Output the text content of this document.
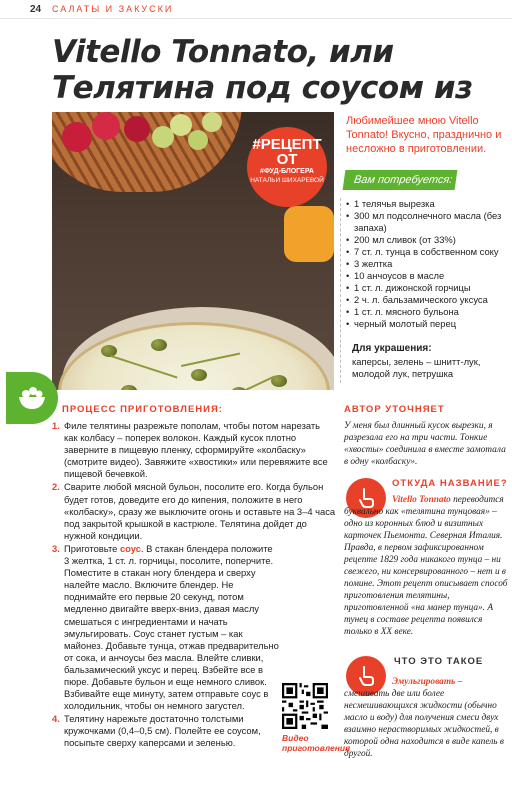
24 САЛАТЫ И ЗАКУСКИ
Vitello Tonnato, или Телятина под соусом из
#РЕЦЕПТ ОТ
#ФУД-БЛОГЕРА
НАТАЛЬИ ШИХАРЕВОЙ

Любимейшее мною Vitello Tonnato! Вкусно, празднично и несложно в приготовлении.

Вам потребуется:
• 1 телячья вырезка
• 300 мл подсолнечного масла (без запаха)
• 200 мл сливок (от 33%)
• 7 ст. л. тунца в собственном соку
• 3 желтка
• 10 анчоусов в масле
• 1 ст. л. дижонской горчицы
• 2 ч. л. бальзамического уксуса
• 1 ст. л. мясного бульона
• черный молотый перец
Для украшения:
каперсы, зелень – шнитт-лук, молодой лук, петрушка
ПРОЦЕСС ПРИГОТОВЛЕНИЯ:
1. Филе телятины разрежьте пополам, чтобы потом нарезать как колбасу – поперек волокон. Каждый кусок плотно заверните в пищевую пленку, сформируйте «колбаску» (смотрите видео). Завяжите «хвостики» или перевяжите все пищевой бечевкой.
2. Сварите любой мясной бульон, посолите его. Когда бульон будет готов, доведите его до кипения, положите в него «колбаску», сразу же выключите огонь и оставьте на 3–4 часа под закрытой крышкой в кастрюле. Телятина дойдет до нужной кондиции.
3. Приготовьте соус. В стакан блендера положите 3 желтка, 1 ст. л. горчицы, посолите, поперчите. Поместите в стакан ногу блендера и сверху налейте масло. Включите блендер. Не поднимайте его первые 20 секунд, потом медленно двигайте вверх-вниз, давая маслу смешаться с ингредиентами и начать эмульгировать. Соус станет густым – как майонез. Добавьте тунца, отжав предварительно от сока, и анчоусы без масла. Влейте сливки, бальзамический уксус и перец. Взбейте все в пюре. Добавьте бульон и еще немного сливок. Взбивайте еще минуту, затем отправьте соус в холодильник, чтобы он немного загустел.
4. Телятину нарежьте достаточно толстыми кружочками (0,4–0,5 см). Полейте ее соусом, посыпьте сверху каперсами и зеленью.	Видео приготовления
АВТОР УТОЧНЯЕТ

У меня был длинный кусок вырезки, я разрезала его на три части. Тонкие «хвосты» соединила в вместе замотала в одну «колбаску».

ОТКУДА НАЗВАНИЕ?

Vitello Tonnato переводится буквально как «телятина тунцовая» – одно из коронных блюд и визитных карточек Пьемонта. Северная Италия. Правда, в первом зафиксированном рецепте 1829 года никакого тунца – ни свежего, ни консервированного – нет и в помине. Этот рецепт описывает способ приготовления телятины, приготовленной «на манер тунца». А тунец в составе рецепта появился только в XX веке.

ЧТО ЭТО ТАКОЕ

Эмульгировать – смешивать две или более несмешивающихся жидкости (обычно масло и воду) для получения смеси двух взаимно нерастворимых жидкостей, в которой одна находится в виде капель в другой.
